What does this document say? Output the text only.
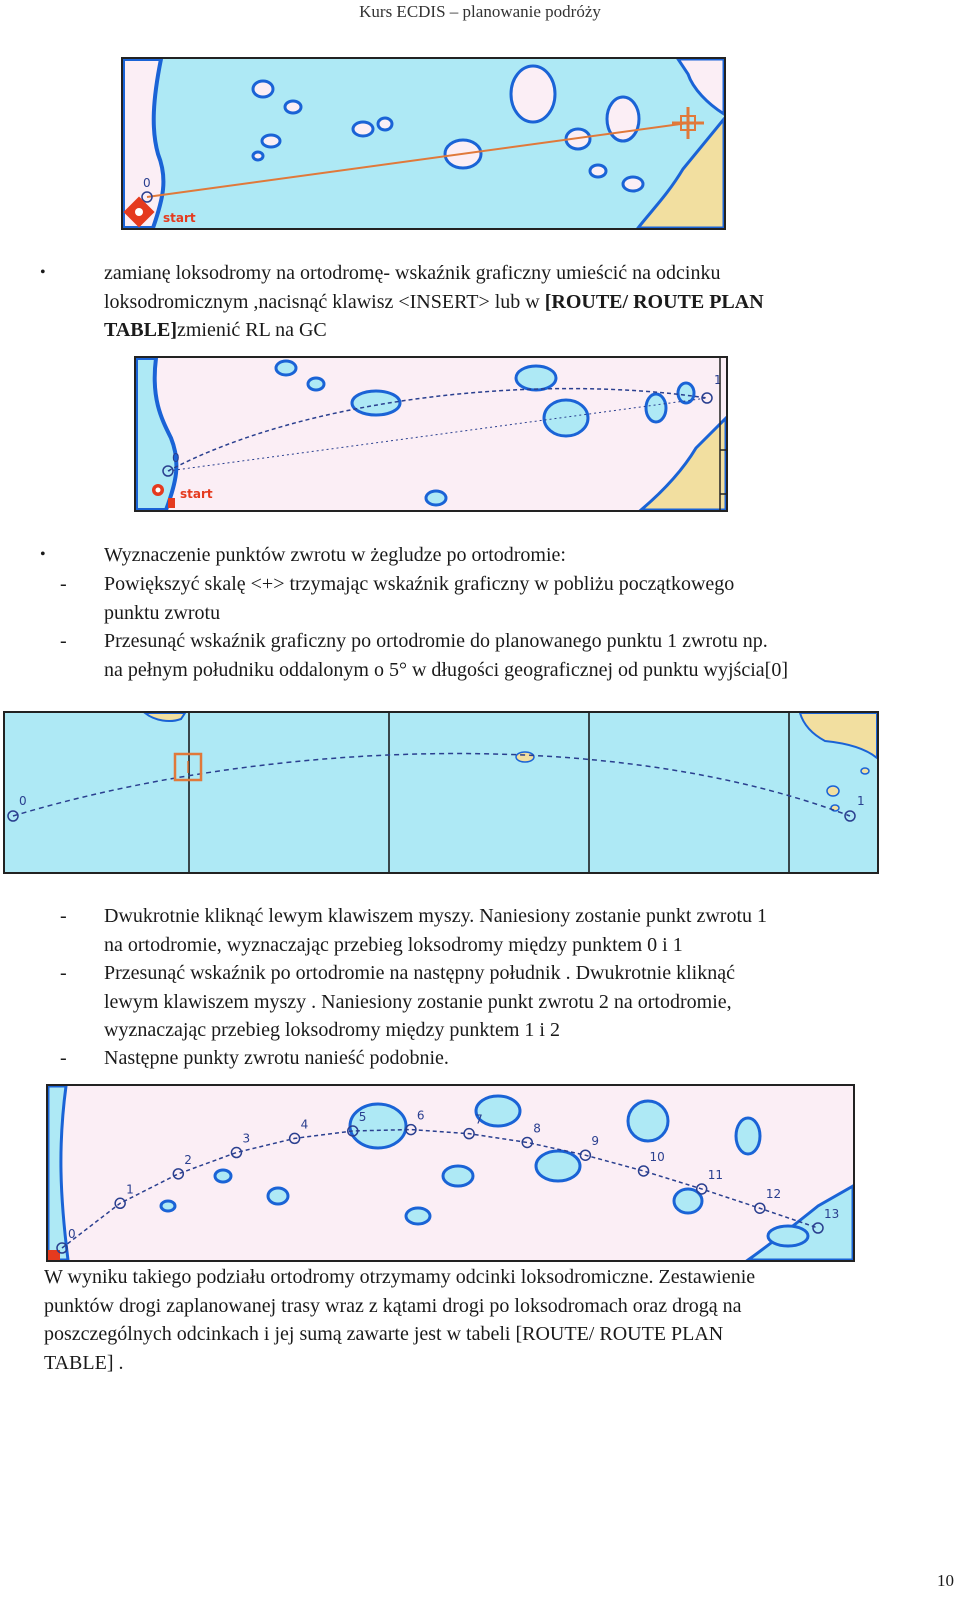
Kurs ECDIS – planowanie podróży
0
start
•	zamianę loksodromy na ortodromę- wskaźnik graficzny umieścić na odcinku
loksodromicznym ,nacisnąć klawisz <INSERT> lub w [ROUTE/ ROUTE PLAN
TABLE]zmienić RL na GC
0
1
start
•	Wyznaczenie punktów zwrotu w żegludze po ortodromie:
- Powiększyć skalę <+> trzymając wskaźnik graficzny w pobliżu początkowego
punktu zwrotu
- Przesunąć wskaźnik graficzny po ortodromie do planowanego punktu 1 zwrotu np.
na pełnym południku oddalonym o 5° w długości geograficznej od punktu wyjścia[0]
0	1
- Dwukrotnie kliknąć lewym klawiszem myszy. Naniesiony zostanie punkt zwrotu 1
na ortodromie, wyznaczając przebieg loksodromy między punktem 0 i 1
- Przesunąć wskaźnik po ortodromie na następny południk . Dwukrotnie kliknąć
lewym klawiszem myszy . Naniesiony zostanie punkt zwrotu 2 na ortodromie,
wyznaczając przebieg loksodromy między punktem 1 i 2
- Następne punkty zwrotu nanieść podobnie.
0
1
2
3
4
5	6	7
8
9
10
11
12
13
W wyniku takiego podziału ortodromy otrzymamy odcinki loksodromiczne. Zestawienie
punktów drogi zaplanowanej trasy wraz z kątami drogi po loksodromach oraz drogą na
poszczególnych odcinkach i jej sumą zawarte jest w tabeli [ROUTE/ ROUTE PLAN
TABLE] .
10
